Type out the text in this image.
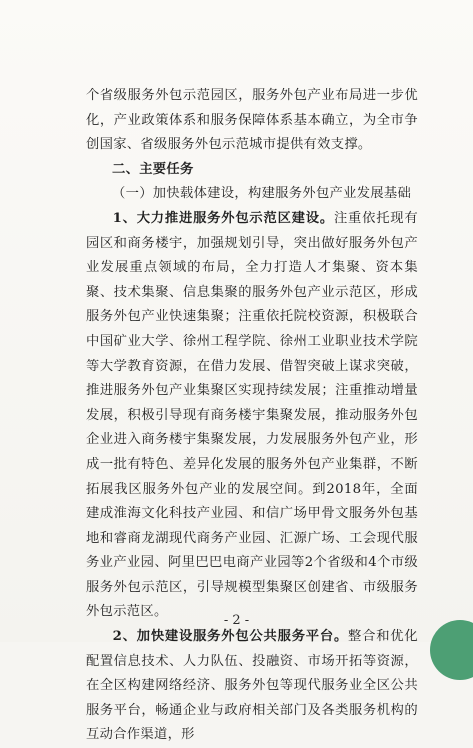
个省级服务外包示范园区，服务外包产业布局进一步优化，产业政策体系和服务保障体系基本确立，为全市争创国家、省级服务外包示范城市提供有效支撑。

二、主要任务

（一）加快载体建设，构建服务外包产业发展基础

1、大力推进服务外包示范区建设。注重依托现有园区和商务楼宇，加强规划引导，突出做好服务外包产业发展重点领域的布局，全力打造人才集聚、资本集聚、技术集聚、信息集聚的服务外包产业示范区，形成服务外包产业快速集聚；注重依托院校资源，积极联合中国矿业大学、徐州工程学院、徐州工业职业技术学院等大学教育资源，在借力发展、借智突破上谋求突破，推进服务外包产业集聚区实现持续发展；注重推动增量发展，积极引导现有商务楼宇集聚发展，推动服务外包企业进入商务楼宇集聚发展，力发展服务外包产业，形成一批有特色、差异化发展的服务外包产业集群，不断拓展我区服务外包产业的发展空间。到2018年，全面建成淮海文化科技产业园、和信广场甲骨文服务外包基地和睿商龙湖现代商务产业园、汇源广场、工会现代服务业产业园、阿里巴巴电商产业园等2个省级和4个市级服务外包示范区，引导规模型集聚区创建省、市级服务外包示范区。

2、加快建设服务外包公共服务平台。整合和优化配置信息技术、人力队伍、投融资、市场开拓等资源，在全区构建网络经济、服务外包等现代服务业全区公共服务平台，畅通企业与政府相关部门及各类服务机构的互动合作渠道，形

- 2 -
